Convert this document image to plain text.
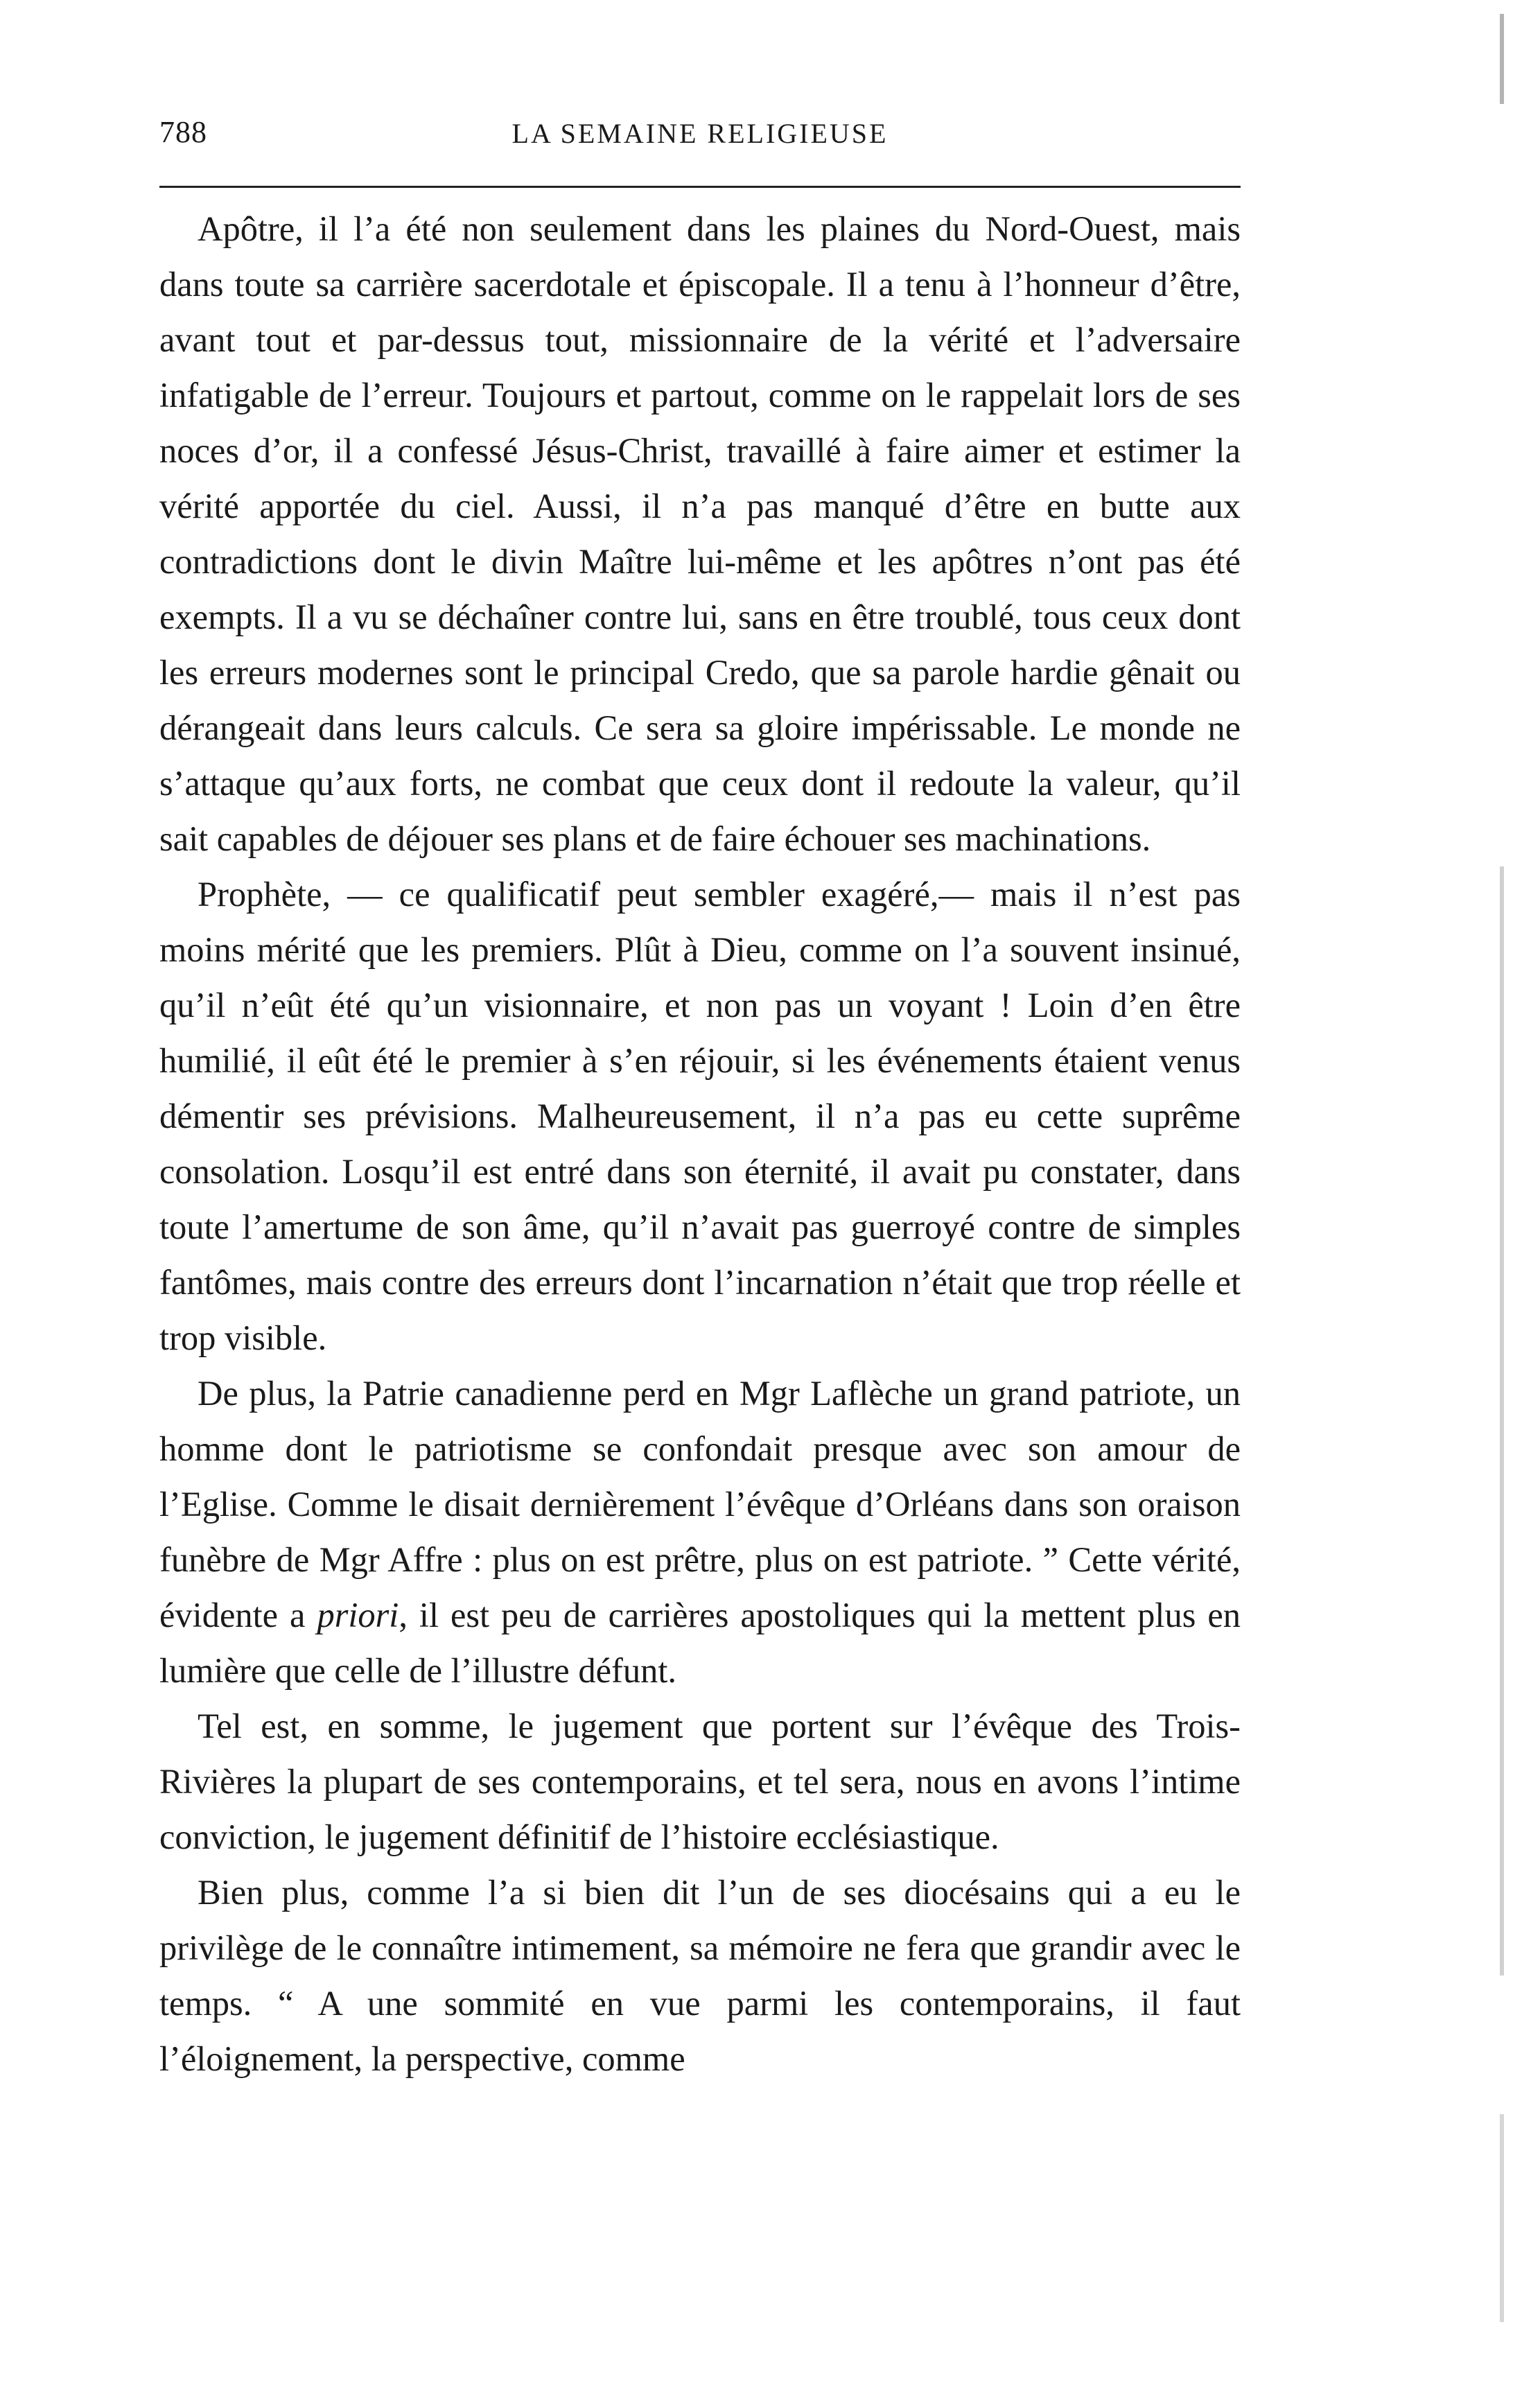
788	LA SEMAINE RELIGIEUSE

Apôtre, il l’a été non seulement dans les plaines du Nord-Ouest, mais dans toute sa carrière sacerdotale et épiscopale. Il a tenu à l’honneur d’être, avant tout et par-dessus tout, missionnaire de la vérité et l’adversaire infatigable de l’erreur. Toujours et partout, comme on le rappelait lors de ses noces d’or, il a confessé Jésus-Christ, travaillé à faire aimer et estimer la vérité apportée du ciel. Aussi, il n’a pas manqué d’être en butte aux contradictions dont le divin Maître lui-même et les apôtres n’ont pas été exempts. Il a vu se déchaîner contre lui, sans en être troublé, tous ceux dont les erreurs modernes sont le principal Credo, que sa parole hardie gênait ou dérangeait dans leurs calculs. Ce sera sa gloire impérissable. Le monde ne s’attaque qu’aux forts, ne combat que ceux dont il redoute la valeur, qu’il sait capables de déjouer ses plans et de faire échouer ses machinations.

Prophète, — ce qualificatif peut sembler exagéré,— mais il n’est pas moins mérité que les premiers. Plût à Dieu, comme on l’a souvent insinué, qu’il n’eût été qu’un visionnaire, et non pas un voyant ! Loin d’en être humilié, il eût été le premier à s’en réjouir, si les événements étaient venus démentir ses prévisions. Malheureusement, il n’a pas eu cette suprême consolation. Losqu’il est entré dans son éternité, il avait pu constater, dans toute l’amertume de son âme, qu’il n’avait pas guerroyé contre de simples fantômes, mais contre des erreurs dont l’incarnation n’était que trop réelle et trop visible.

De plus, la Patrie canadienne perd en Mgr Laflèche un grand patriote, un homme dont le patriotisme se confondait presque avec son amour de l’Eglise. Comme le disait dernièrement l’évêque d’Orléans dans son oraison funèbre de Mgr Affre : plus on est prêtre, plus on est patriote. ” Cette vérité, évidente a priori, il est peu de carrières apostoliques qui la mettent plus en lumière que celle de l’illustre défunt.

Tel est, en somme, le jugement que portent sur l’évêque des Trois-Rivières la plupart de ses contemporains, et tel sera, nous en avons l’intime conviction, le jugement définitif de l’histoire ecclésiastique.

Bien plus, comme l’a si bien dit l’un de ses diocésains qui a eu le privilège de le connaître intimement, sa mémoire ne fera que grandir avec le temps. “ A une sommité en vue parmi les contemporains, il faut l’éloignement, la perspective, comme
